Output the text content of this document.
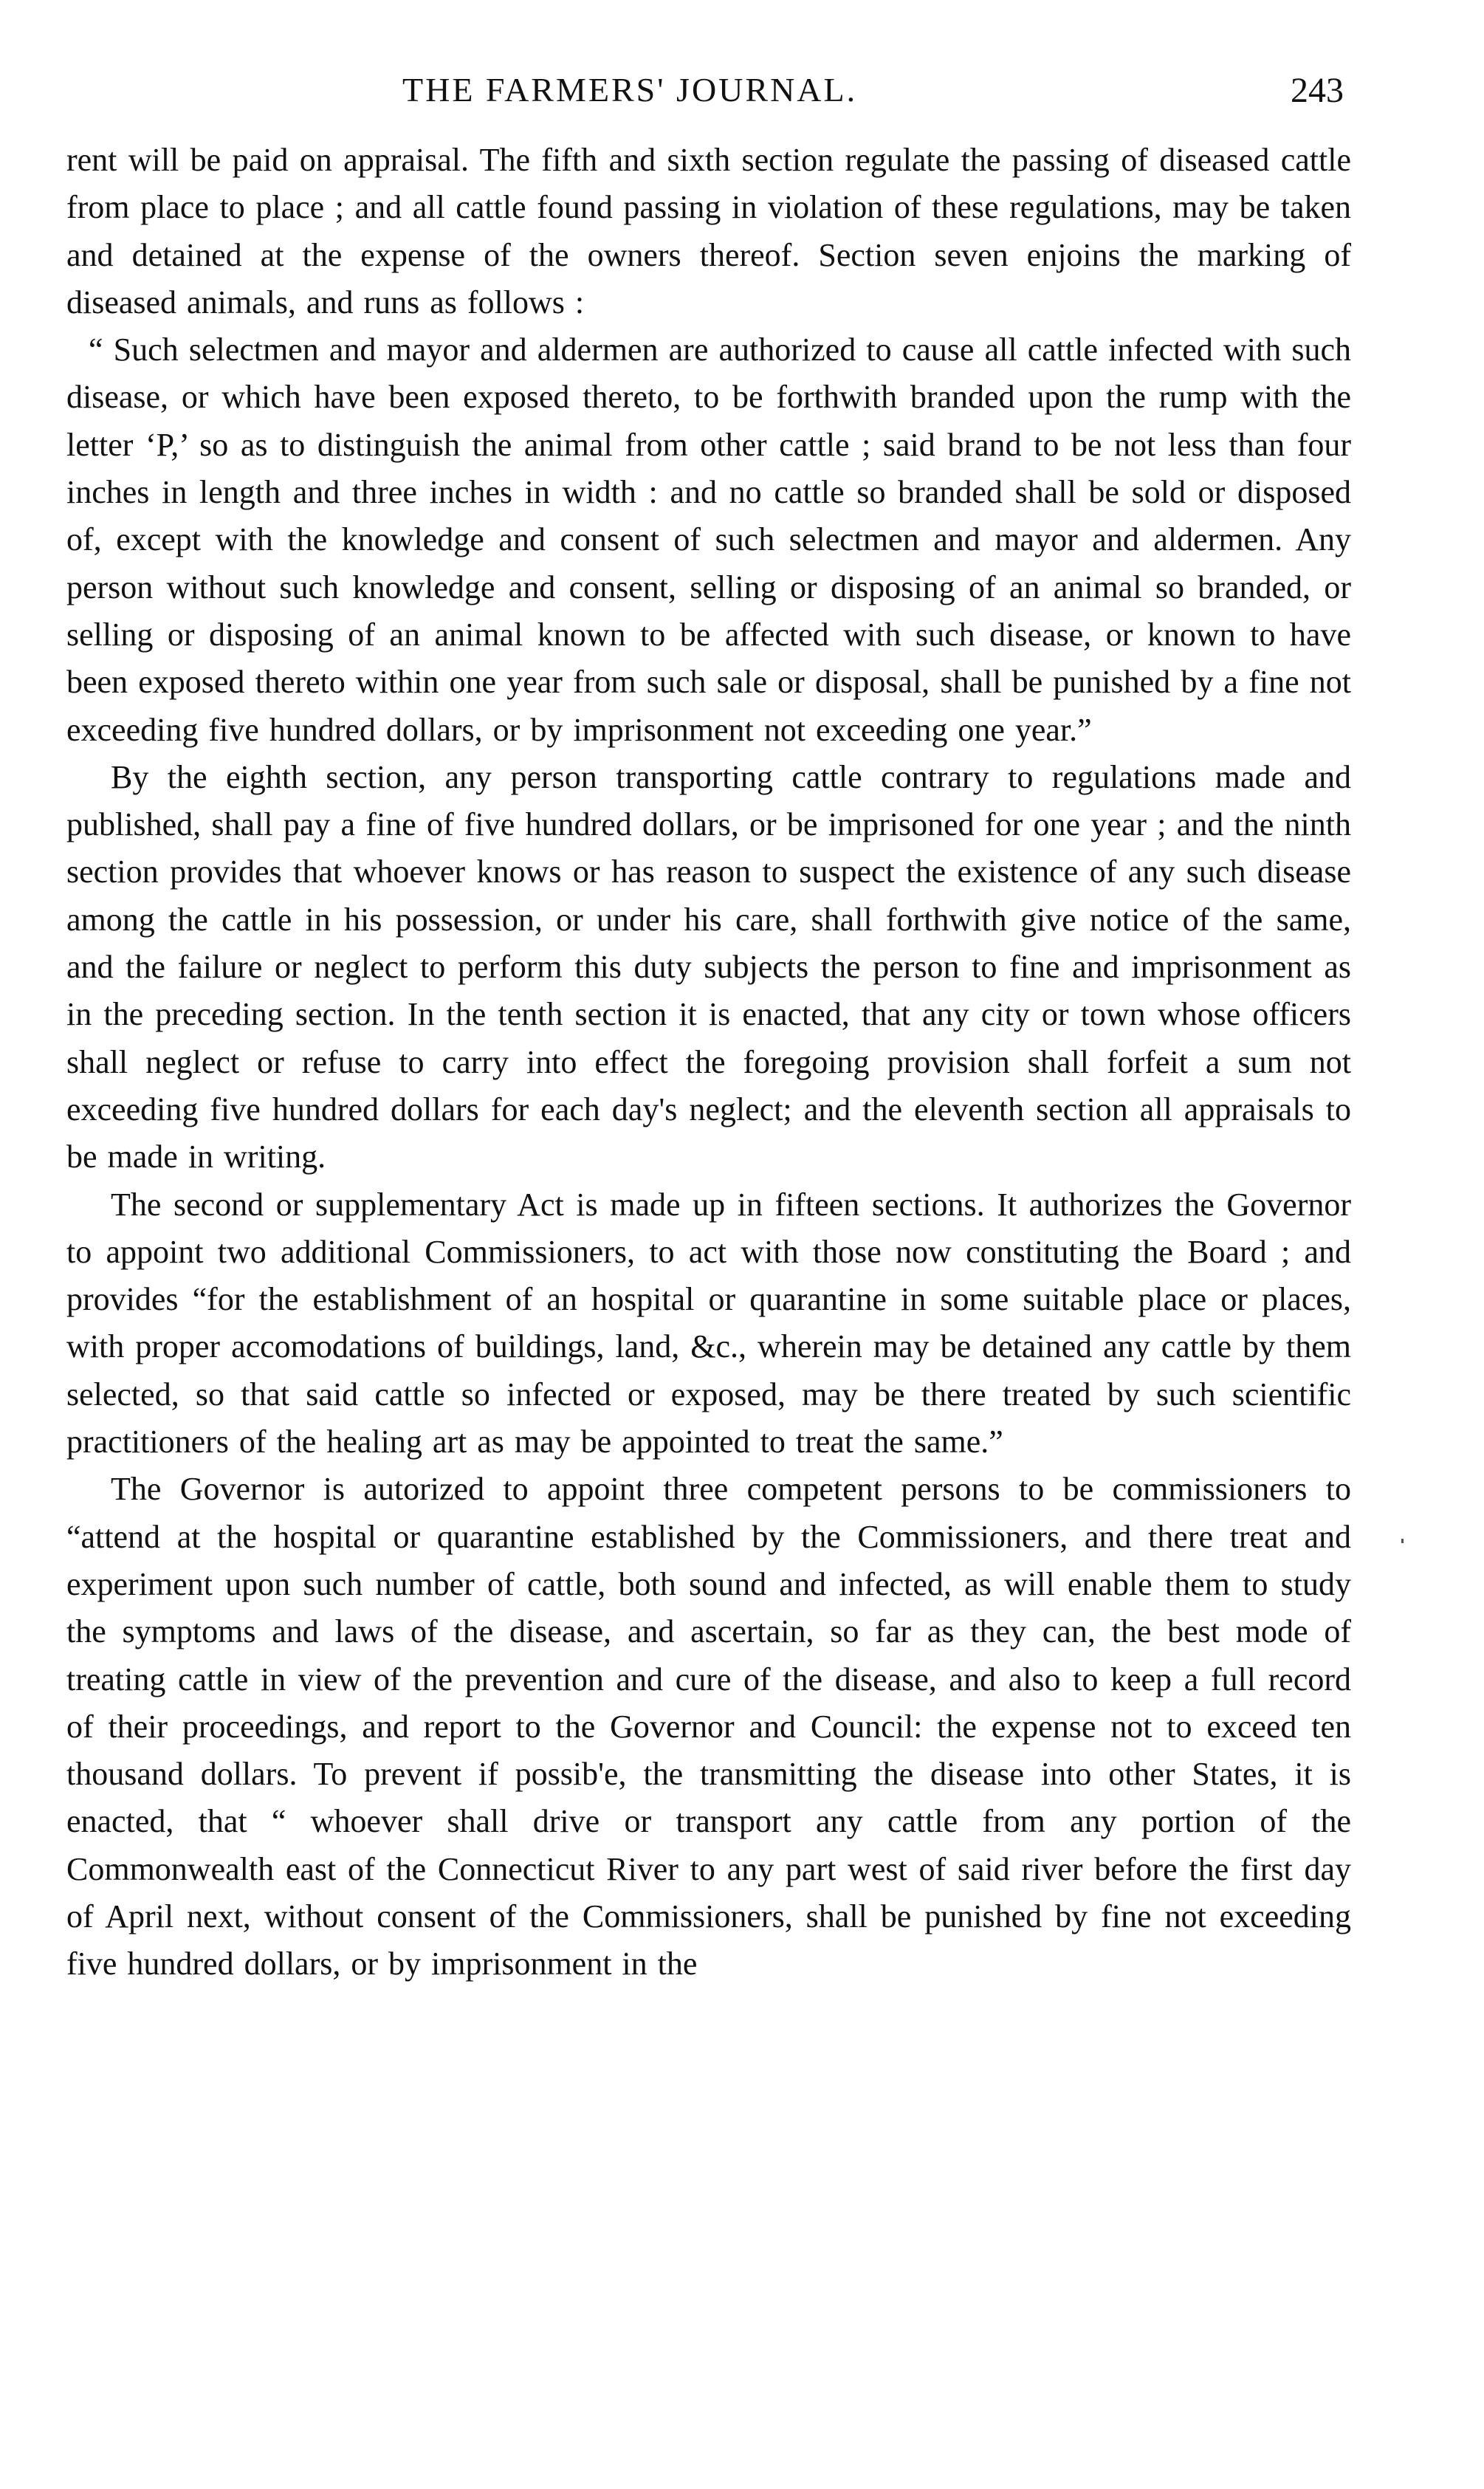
THE FARMERS' JOURNAL.	243

rent will be paid on appraisal. The fifth and sixth section regulate the passing of diseased cattle from place to place ; and all cattle found passing in violation of these regulations, may be taken and detained at the expense of the owners thereof. Section seven enjoins the marking of diseased animals, and runs as follows :

“ Such selectmen and mayor and aldermen are authorized to cause all cattle infected with such disease, or which have been exposed thereto, to be forthwith branded upon the rump with the letter ‘P,’ so as to distinguish the animal from other cattle ; said brand to be not less than four inches in length and three inches in width : and no cattle so branded shall be sold or disposed of, except with the knowledge and consent of such selectmen and mayor and aldermen. Any person without such knowledge and consent, selling or disposing of an animal so branded, or selling or disposing of an animal known to be affected with such disease, or known to have been exposed thereto within one year from such sale or disposal, shall be punished by a fine not exceeding five hundred dollars, or by imprisonment not exceeding one year.”

By the eighth section, any person transporting cattle contrary to regulations made and published, shall pay a fine of five hundred dollars, or be imprisoned for one year ; and the ninth section provides that whoever knows or has reason to suspect the existence of any such disease among the cattle in his possession, or under his care, shall forthwith give notice of the same, and the failure or neglect to perform this duty subjects the person to fine and imprisonment as in the preceding section. In the tenth section it is enacted, that any city or town whose officers shall neglect or refuse to carry into effect the foregoing provision shall forfeit a sum not exceeding five hundred dollars for each day's neglect; and the eleventh section all appraisals to be made in writing.

The second or supplementary Act is made up in fifteen sections. It authorizes the Governor to appoint two additional Commissioners, to act with those now constituting the Board ; and provides “for the establishment of an hospital or quarantine in some suitable place or places, with proper accomodations of buildings, land, &c., wherein may be detained any cattle by them selected, so that said cattle so infected or exposed, may be there treated by such scientific practitioners of the healing art as may be appointed to treat the same.”

The Governor is autorized to appoint three competent persons to be commissioners to “attend at the hospital or quarantine established by the Commissioners, and there treat and experiment upon such number of cattle, both sound and infected, as will enable them to study the symptoms and laws of the disease, and ascertain, so far as they can, the best mode of treating cattle in view of the prevention and cure of the disease, and also to keep a full record of their proceedings, and report to the Governor and Council: the expense not to exceed ten thousand dollars. To prevent if possib'e, the transmitting the disease into other States, it is enacted, that “ whoever shall drive or transport any cattle from any portion of the Commonwealth east of the Connecticut River to any part west of said river before the first day of April next, without consent of the Commissioners, shall be punished by fine not exceeding five hundred dollars, or by imprisonment in the
